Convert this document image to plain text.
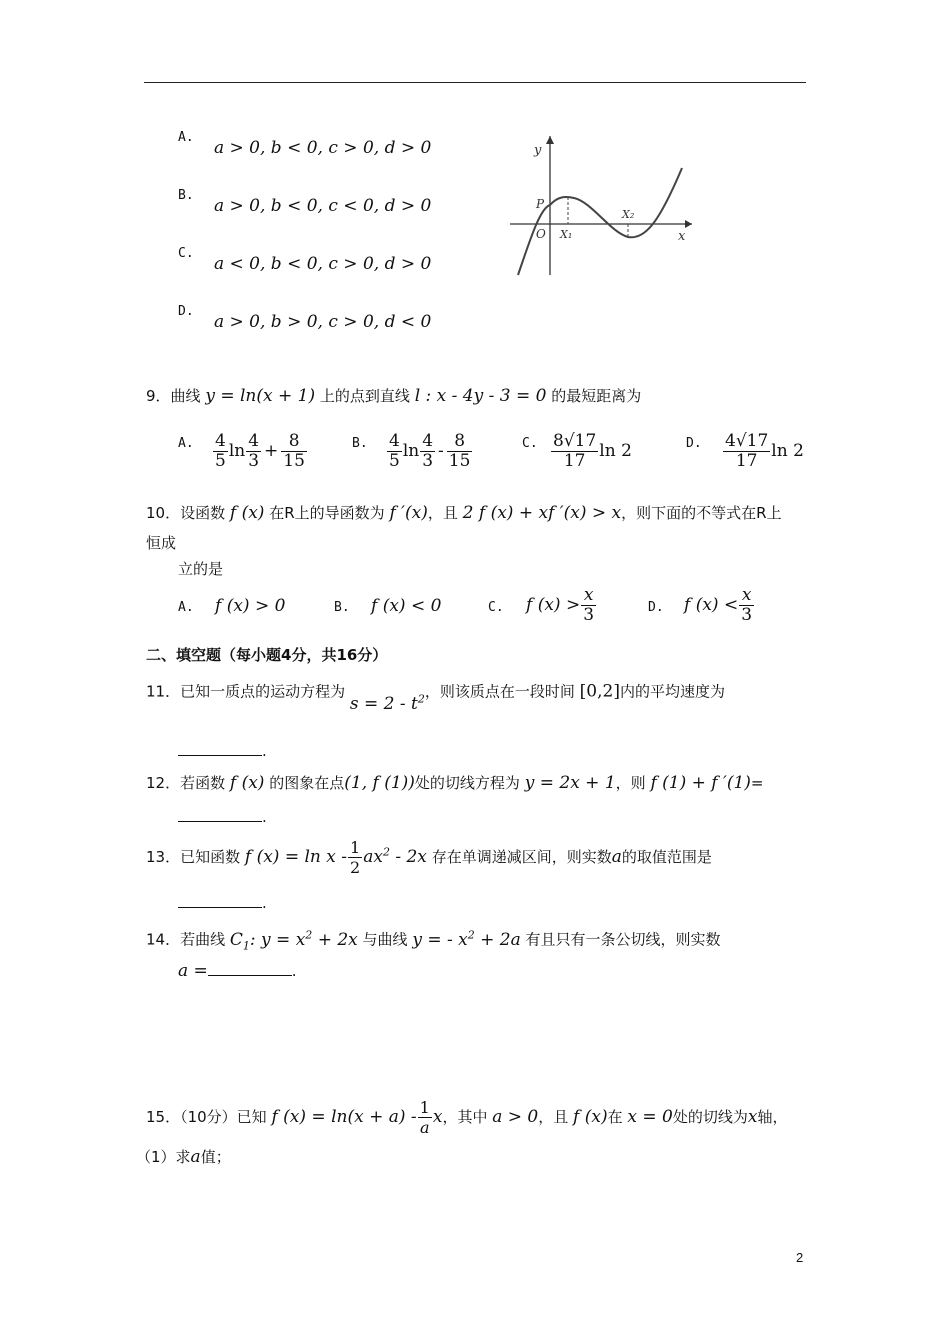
A.
a > 0, b < 0, c > 0, d > 0
B.
a > 0, b < 0, c < 0, d > 0
C.
a < 0, b < 0, c > 0, d > 0
D.
a > 0, b > 0, c > 0, d < 0
y
x
P
O X₁
X₂
9．曲线 y = ln(x + 1) 上的点到直线 l : x - 4y - 3 = 0 的最短距离为
A. $\frac{4}{5}$ $\ln \frac{4}{3} + \frac{8}{15}$	B. $\frac{4}{5}$ $\ln \frac{4}{3} - \frac{8}{15}$	C. $\frac{8√17}{17}$ ln 2	D. $\frac{4√17}{17}$ ln 2
10．设函数 f (x) 在R上的导函数为 f ′(x)，且 2 f (x) + xf ′(x) > x，则下面的不等式在R上
恒成
立的是
A. f (x) > 0	B. f (x) < 0	C. f $(x) > \frac{x}{3}$	D. f $(x) < \frac{x}{3}$
二、填空题（每小题4分，共16分）
11．已知一质点的运动方程为 $s = 2 - t^2$，则该质点在一段时间 [0,2]内的平均速度为
.
12．若函数 f (x) 的图象在点(1, f (1))处的切线方程为 y = 2x + 1，则 f (1) + f ′(1)=
.
13．已知函数 f $(x) = \ln x - \frac{1}{2} ax^2 - 2x$ 存在单调递减区间，则实数a的取值范围是
.
14．若曲线 $C_1$: $y = x^2 + 2x$ 与曲线 y = - $x^2 + 2a$ 有且只有一条公切线，则实数
a =	.
15．（10分）已知 f $(x) = \ln(x + a) - \frac{1}{a}$ x，其中 a > 0，且 f (x)在 x = 0处的切线为x轴，
（1）求a值；
2
